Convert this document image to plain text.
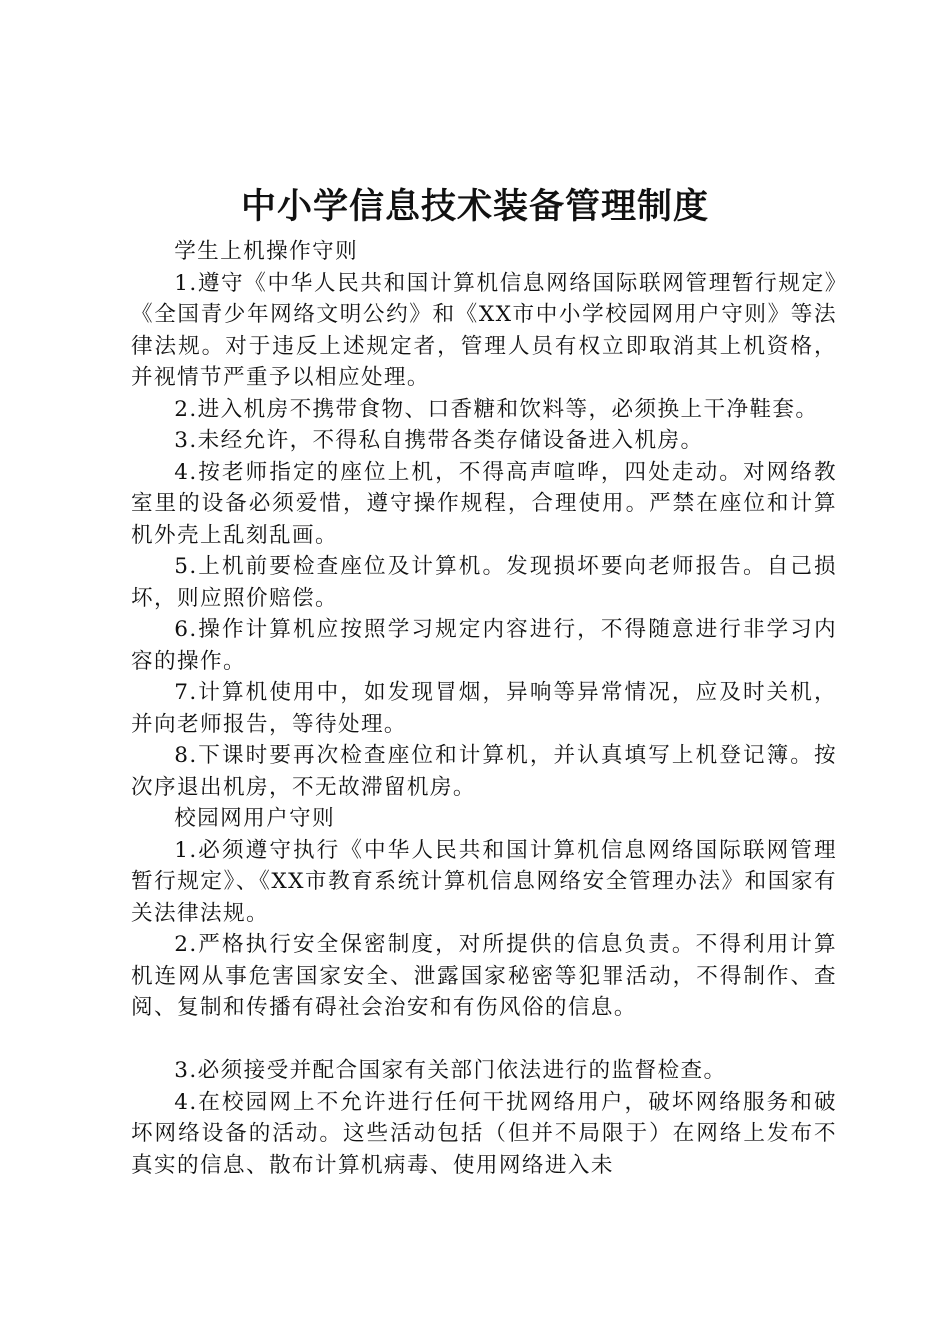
中小学信息技术装备管理制度

学生上机操作守则

1.遵守《中华人民共和国计算机信息网络国际联网管理暂行规定》《全国青少年网络文明公约》和《XX市中小学校园网用户守则》等法律法规。对于违反上述规定者，管理人员有权立即取消其上机资格，并视情节严重予以相应处理。

2.进入机房不携带食物、口香糖和饮料等，必须换上干净鞋套。

3.未经允许，不得私自携带各类存储设备进入机房。

4.按老师指定的座位上机，不得高声喧哗，四处走动。对网络教室里的设备必须爱惜，遵守操作规程，合理使用。严禁在座位和计算机外壳上乱刻乱画。

5.上机前要检查座位及计算机。发现损坏要向老师报告。自己损坏，则应照价赔偿。

6.操作计算机应按照学习规定内容进行，不得随意进行非学习内容的操作。

7.计算机使用中，如发现冒烟，异响等异常情况，应及时关机，并向老师报告，等待处理。

8.下课时要再次检查座位和计算机，并认真填写上机登记簿。按次序退出机房，不无故滞留机房。

校园网用户守则

1.必须遵守执行《中华人民共和国计算机信息网络国际联网管理暂行规定》、《XX市教育系统计算机信息网络安全管理办法》和国家有关法律法规。

2.严格执行安全保密制度，对所提供的信息负责。不得利用计算机连网从事危害国家安全、泄露国家秘密等犯罪活动，不得制作、查阅、复制和传播有碍社会治安和有伤风俗的信息。

3.必须接受并配合国家有关部门依法进行的监督检查。

4.在校园网上不允许进行任何干扰网络用户，破坏网络服务和破坏网络设备的活动。这些活动包括（但并不局限于）在网络上发布不真实的信息、散布计算机病毒、使用网络进入未
